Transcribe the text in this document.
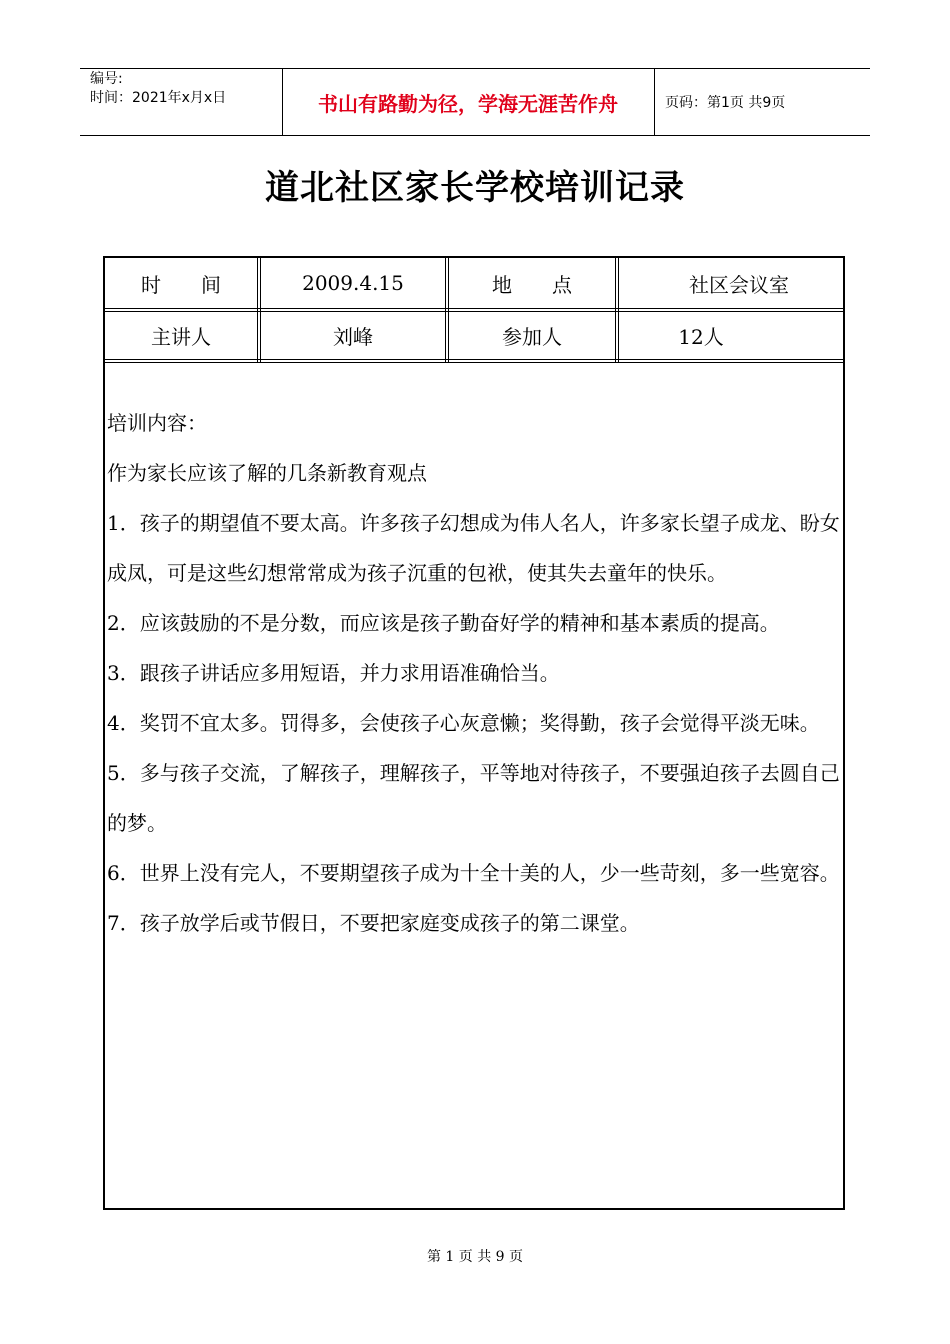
编号:
时间：2021年x月x日	书山有路勤为径，学海无涯苦作舟	页码：第1页 共9页
道北社区家长学校培训记录
时　　间	2009.4.15	地　　点	社区会议室
主讲人	刘峰	参加人	12人

培训内容：

作为家长应该了解的几条新教育观点

1．孩子的期望值不要太高。许多孩子幻想成为伟人名人，许多家长望子成龙、盼女成凤，可是这些幻想常常成为孩子沉重的包袱，使其失去童年的快乐。

2．应该鼓励的不是分数，而应该是孩子勤奋好学的精神和基本素质的提高。

3．跟孩子讲话应多用短语，并力求用语准确恰当。

4．奖罚不宜太多。罚得多，会使孩子心灰意懒；奖得勤，孩子会觉得平淡无味。

5．多与孩子交流，了解孩子，理解孩子，平等地对待孩子，不要强迫孩子去圆自己的梦。

6．世界上没有完人，不要期望孩子成为十全十美的人，少一些苛刻，多一些宽容。

7．孩子放学后或节假日，不要把家庭变成孩子的第二课堂。

第 1 页 共 9 页
